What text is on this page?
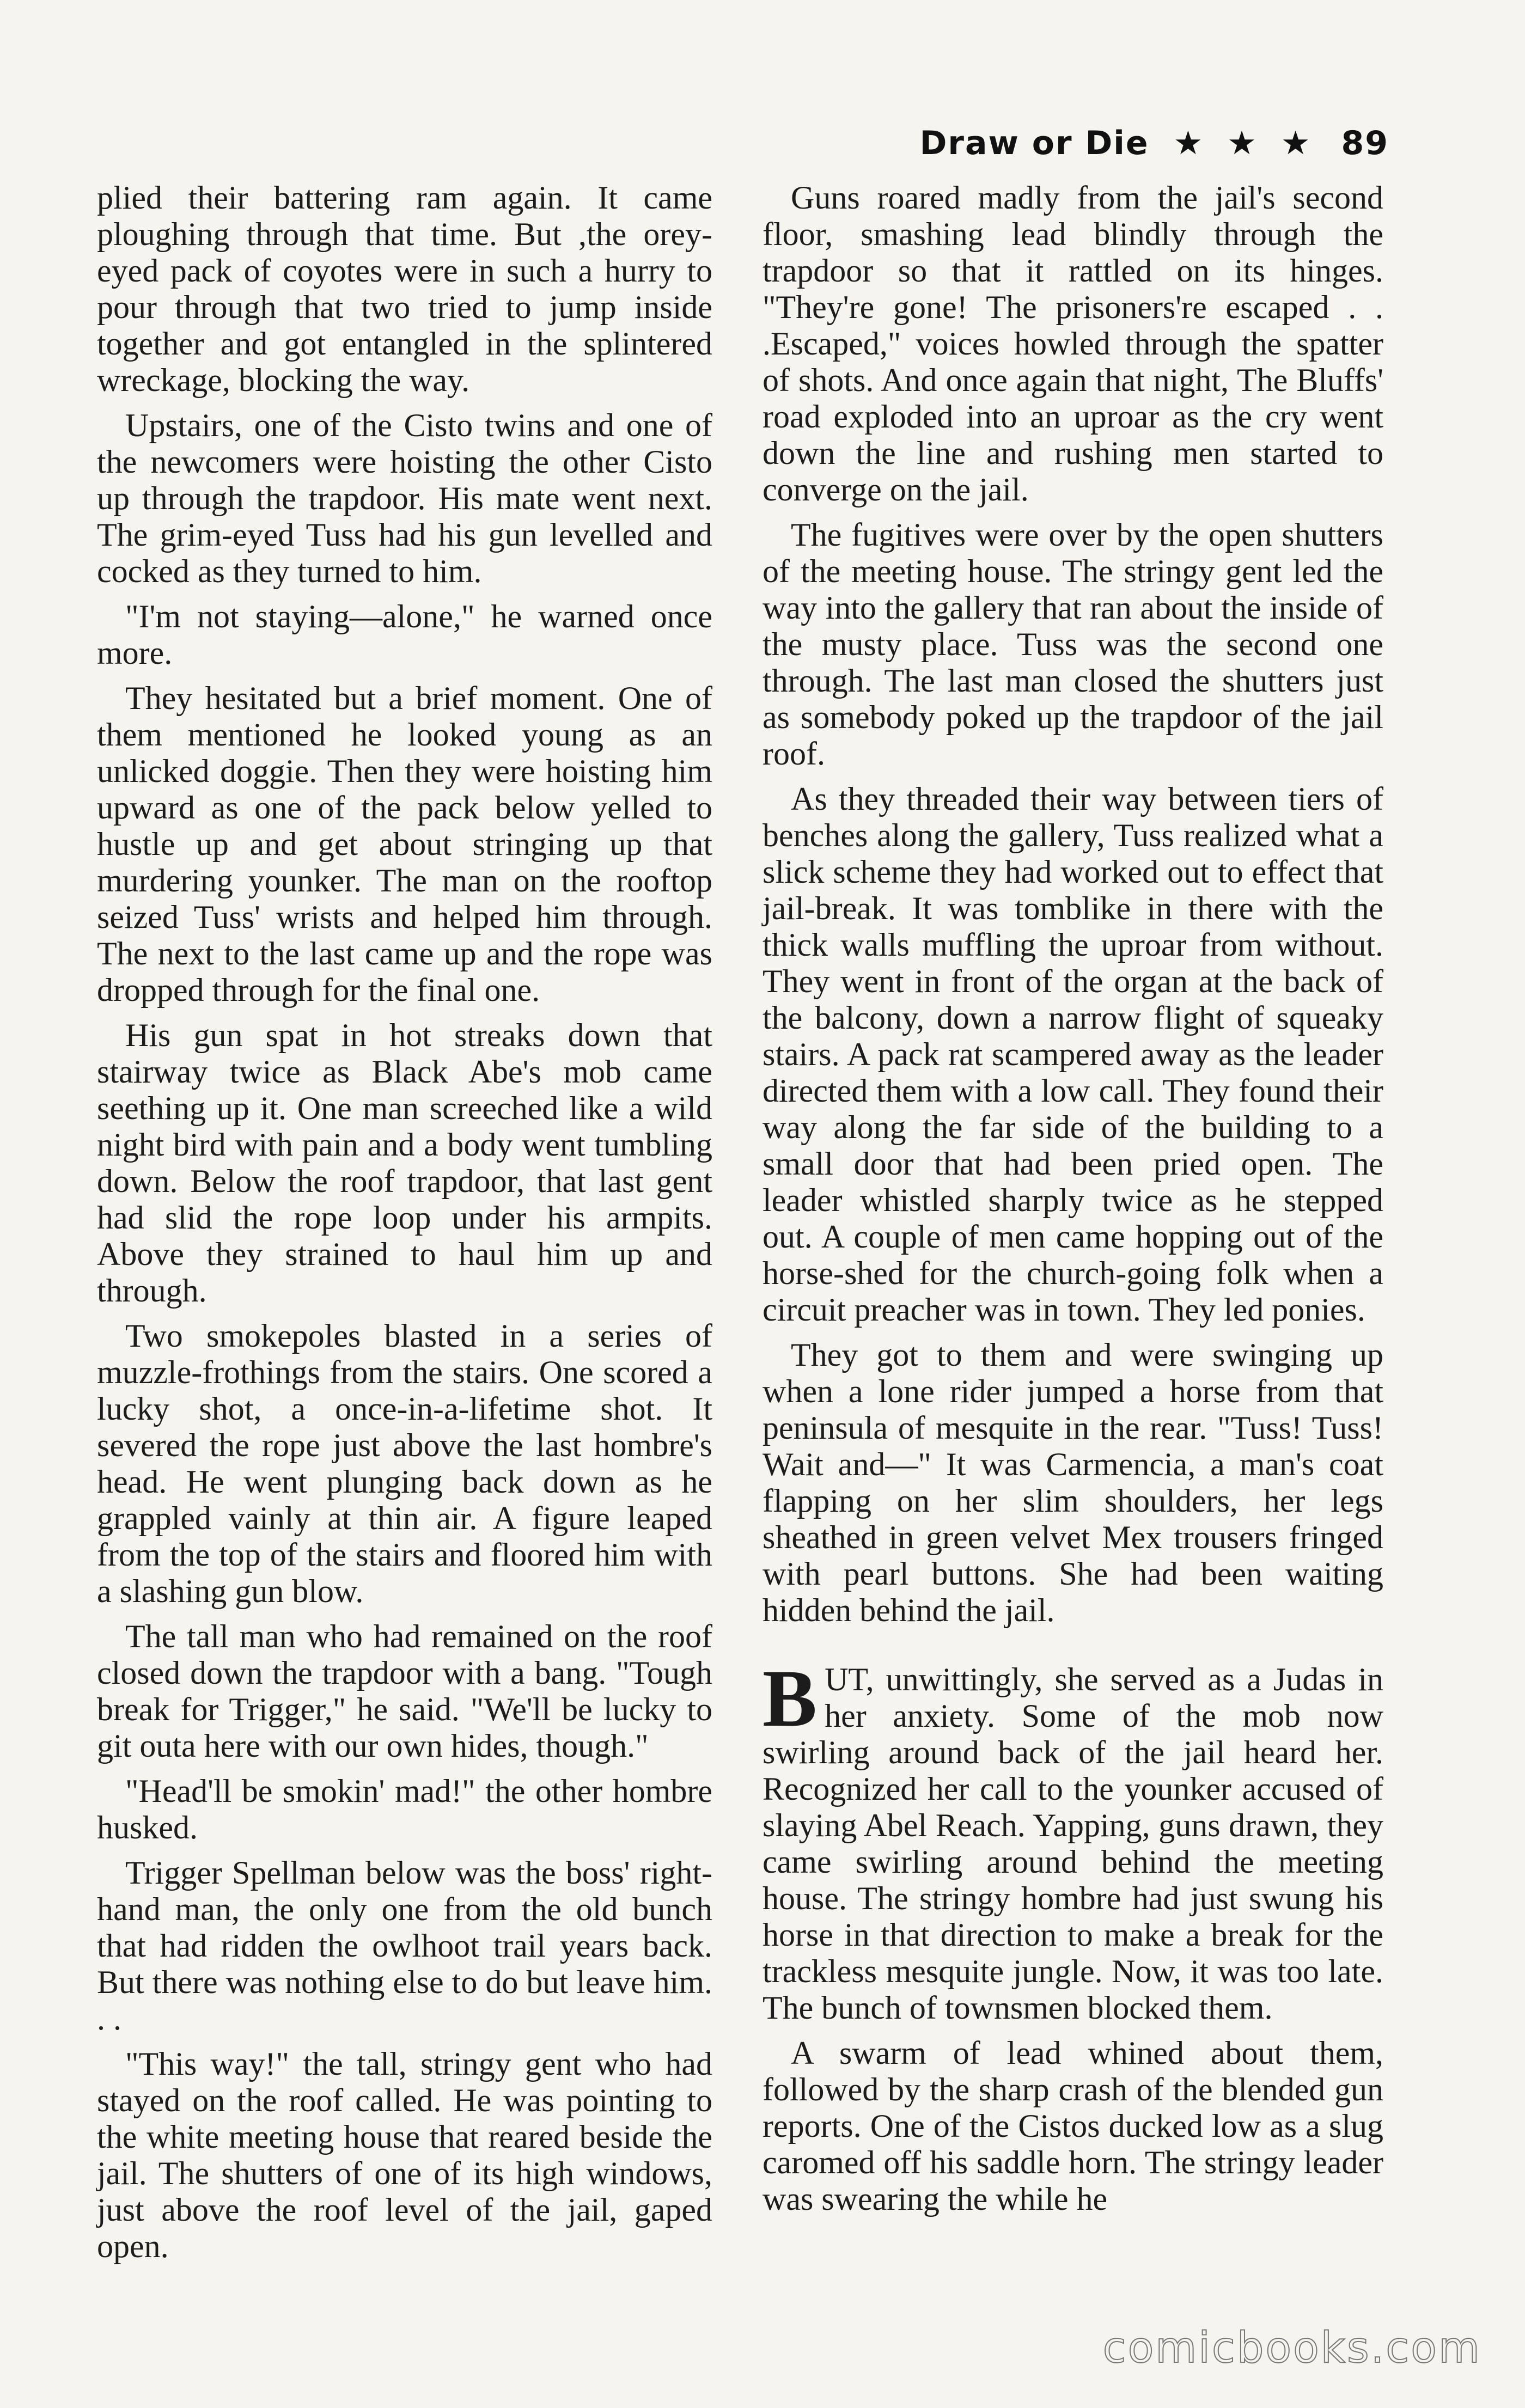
Draw or Die ★ ★ ★ 89

plied their battering ram again. It came ploughing through that time. But ,the orey-eyed pack of coyotes were in such a hurry to pour through that two tried to jump inside together and got entangled in the splintered wreckage, blocking the way.

Upstairs, one of the Cisto twins and one of the newcomers were hoisting the other Cisto up through the trapdoor. His mate went next. The grim-eyed Tuss had his gun levelled and cocked as they turned to him.

"I'm not staying—alone," he warned once more.

They hesitated but a brief moment. One of them mentioned he looked young as an unlicked doggie. Then they were hoisting him upward as one of the pack below yelled to hustle up and get about stringing up that murdering younker. The man on the rooftop seized Tuss' wrists and helped him through. The next to the last came up and the rope was dropped through for the final one.

His gun spat in hot streaks down that stairway twice as Black Abe's mob came seething up it. One man screeched like a wild night bird with pain and a body went tumbling down. Below the roof trapdoor, that last gent had slid the rope loop under his armpits. Above they strained to haul him up and through.

Two smokepoles blasted in a series of muzzle-frothings from the stairs. One scored a lucky shot, a once-in-a-lifetime shot. It severed the rope just above the last hombre's head. He went plunging back down as he grappled vainly at thin air. A figure leaped from the top of the stairs and floored him with a slashing gun blow.

The tall man who had remained on the roof closed down the trapdoor with a bang. "Tough break for Trigger," he said. "We'll be lucky to git outa here with our own hides, though."

"Head'll be smokin' mad!" the other hombre husked.

Trigger Spellman below was the boss' right-hand man, the only one from the old bunch that had ridden the owlhoot trail years back. But there was nothing else to do but leave him. . .

"This way!" the tall, stringy gent who had stayed on the roof called. He was pointing to the white meeting house that reared beside the jail. The shutters of one of its high windows, just above the roof level of the jail, gaped open.

Guns roared madly from the jail's second floor, smashing lead blindly through the trapdoor so that it rattled on its hinges. "They're gone! The prisoners're escaped . . .Escaped," voices howled through the spatter of shots. And once again that night, The Bluffs' road exploded into an uproar as the cry went down the line and rushing men started to converge on the jail.

The fugitives were over by the open shutters of the meeting house. The stringy gent led the way into the gallery that ran about the inside of the musty place. Tuss was the second one through. The last man closed the shutters just as somebody poked up the trapdoor of the jail roof.

As they threaded their way between tiers of benches along the gallery, Tuss realized what a slick scheme they had worked out to effect that jail-break. It was tomblike in there with the thick walls muffling the uproar from without. They went in front of the organ at the back of the balcony, down a narrow flight of squeaky stairs. A pack rat scampered away as the leader directed them with a low call. They found their way along the far side of the building to a small door that had been pried open. The leader whistled sharply twice as he stepped out. A couple of men came hopping out of the horse-shed for the church-going folk when a circuit preacher was in town. They led ponies.

They got to them and were swinging up when a lone rider jumped a horse from that peninsula of mesquite in the rear. "Tuss! Tuss! Wait and—" It was Carmencia, a man's coat flapping on her slim shoulders, her legs sheathed in green velvet Mex trousers fringed with pearl buttons. She had been waiting hidden behind the jail.

BUT, unwittingly, she served as a Judas in her anxiety. Some of the mob now swirling around back of the jail heard her. Recognized her call to the younker accused of slaying Abel Reach. Yapping, guns drawn, they came swirling around behind the meeting house. The stringy hombre had just swung his horse in that direction to make a break for the trackless mesquite jungle. Now, it was too late. The bunch of townsmen blocked them.

A swarm of lead whined about them, followed by the sharp crash of the blended gun reports. One of the Cistos ducked low as a slug caromed off his saddle horn. The stringy leader was swearing the while he

comicbooks.com
